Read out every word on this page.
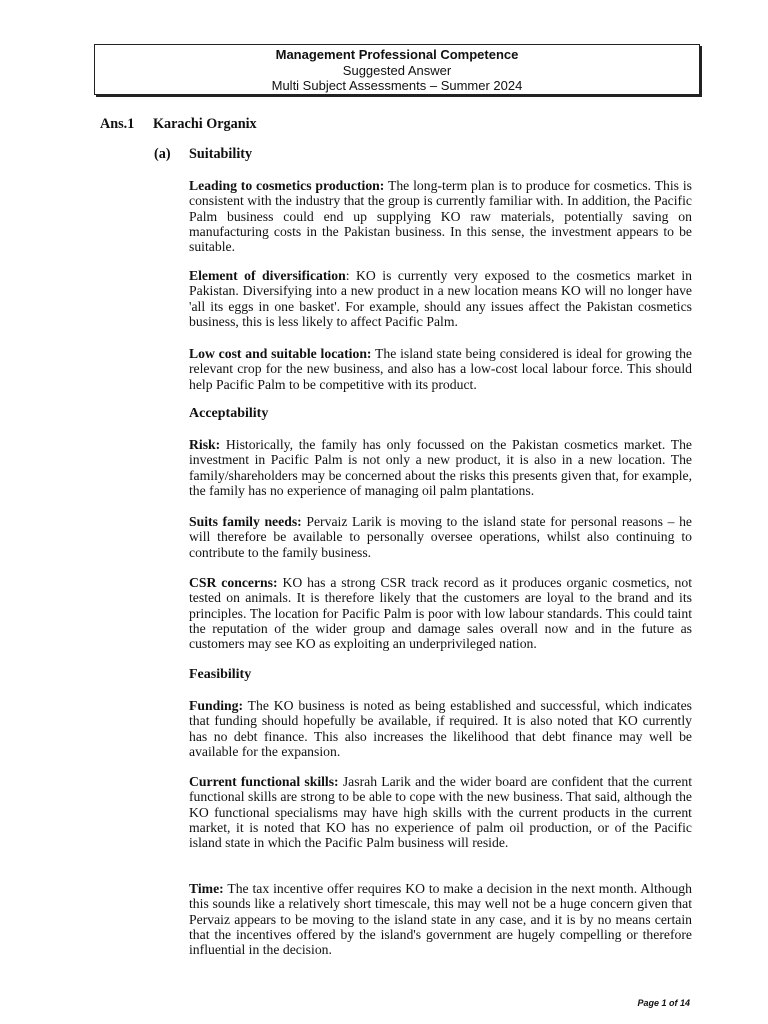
Management Professional Competence
Suggested Answer
Multi Subject Assessments – Summer 2024
Ans.1 Karachi Organix
(a) Suitability
Leading to cosmetics production: The long-term plan is to produce for cosmetics. This is consistent with the industry that the group is currently familiar with. In addition, the Pacific Palm business could end up supplying KO raw materials, potentially saving on manufacturing costs in the Pakistan business. In this sense, the investment appears to be suitable.
Element of diversification: KO is currently very exposed to the cosmetics market in Pakistan. Diversifying into a new product in a new location means KO will no longer have 'all its eggs in one basket'. For example, should any issues affect the Pakistan cosmetics business, this is less likely to affect Pacific Palm.
Low cost and suitable location: The island state being considered is ideal for growing the relevant crop for the new business, and also has a low-cost local labour force. This should help Pacific Palm to be competitive with its product.
Acceptability
Risk: Historically, the family has only focussed on the Pakistan cosmetics market. The investment in Pacific Palm is not only a new product, it is also in a new location. The family/shareholders may be concerned about the risks this presents given that, for example, the family has no experience of managing oil palm plantations.
Suits family needs: Pervaiz Larik is moving to the island state for personal reasons – he will therefore be available to personally oversee operations, whilst also continuing to contribute to the family business.
CSR concerns: KO has a strong CSR track record as it produces organic cosmetics, not tested on animals. It is therefore likely that the customers are loyal to the brand and its principles. The location for Pacific Palm is poor with low labour standards. This could taint the reputation of the wider group and damage sales overall now and in the future as customers may see KO as exploiting an underprivileged nation.
Feasibility
Funding: The KO business is noted as being established and successful, which indicates that funding should hopefully be available, if required. It is also noted that KO currently has no debt finance. This also increases the likelihood that debt finance may well be available for the expansion.
Current functional skills: Jasrah Larik and the wider board are confident that the current functional skills are strong to be able to cope with the new business. That said, although the KO functional specialisms may have high skills with the current products in the current market, it is noted that KO has no experience of palm oil production, or of the Pacific island state in which the Pacific Palm business will reside.
Time: The tax incentive offer requires KO to make a decision in the next month. Although this sounds like a relatively short timescale, this may well not be a huge concern given that Pervaiz appears to be moving to the island state in any case, and it is by no means certain that the incentives offered by the island's government are hugely compelling or therefore influential in the decision.
Page 1 of 14
